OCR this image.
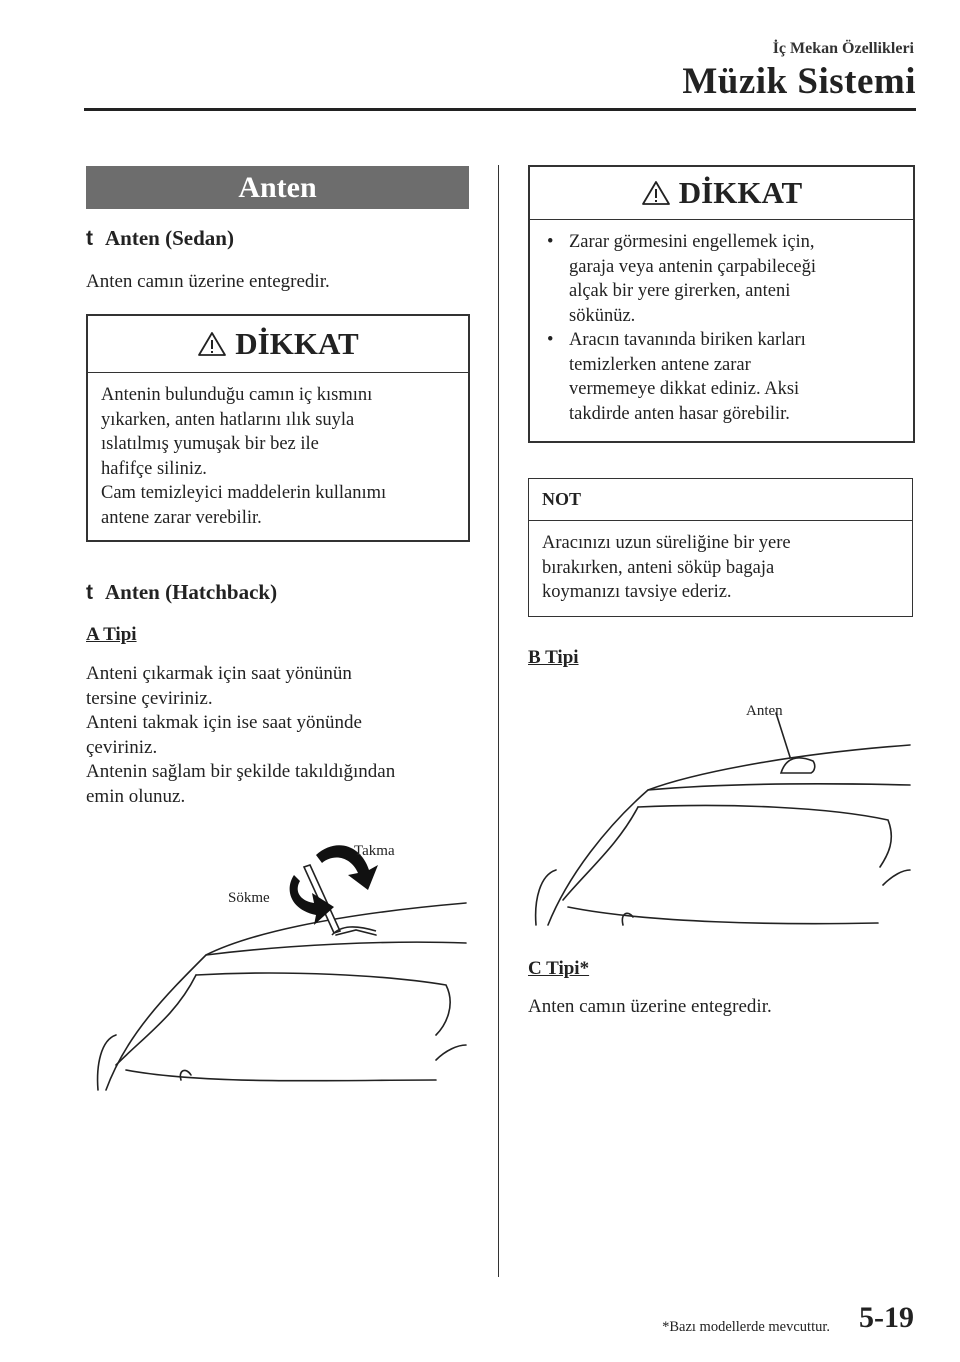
İç Mekan Özellikleri
Müzik Sistemi
Anten
t Anten (Sedan)
Anten camın üzerine entegredir.
DİKKAT
Antenin bulunduğu camın iç kısmını
yıkarken, anten hatlarını ılık suyla
ıslatılmış yumuşak bir bez ile
hafifçe siliniz.
Cam temizleyici maddelerin kullanımı
antene zarar verebilir.
t Anten (Hatchback)
A Tipi
Anteni çıkarmak için saat yönünün
tersine çeviriniz.
Anteni takmak için ise saat yönünde
çeviriniz.
Antenin sağlam bir şekilde takıldığından
emin olunuz.
Takma
Sökme
DİKKAT
• Zarar görmesini engellemek için,
garaja veya antenin çarpabileceği
alçak bir yere girerken, anteni
sökünüz.
• Aracın tavanında biriken karları
temizlerken antene zarar
vermemeye dikkat ediniz. Aksi
takdirde anten hasar görebilir.
NOT
Aracınızı uzun süreliğine bir yere
bırakırken, anteni söküp bagaja
koymanızı tavsiye ederiz.
B Tipi
Anten
C Tipi*
Anten camın üzerine entegredir.
*Bazı modellerde mevcuttur. 5-19
